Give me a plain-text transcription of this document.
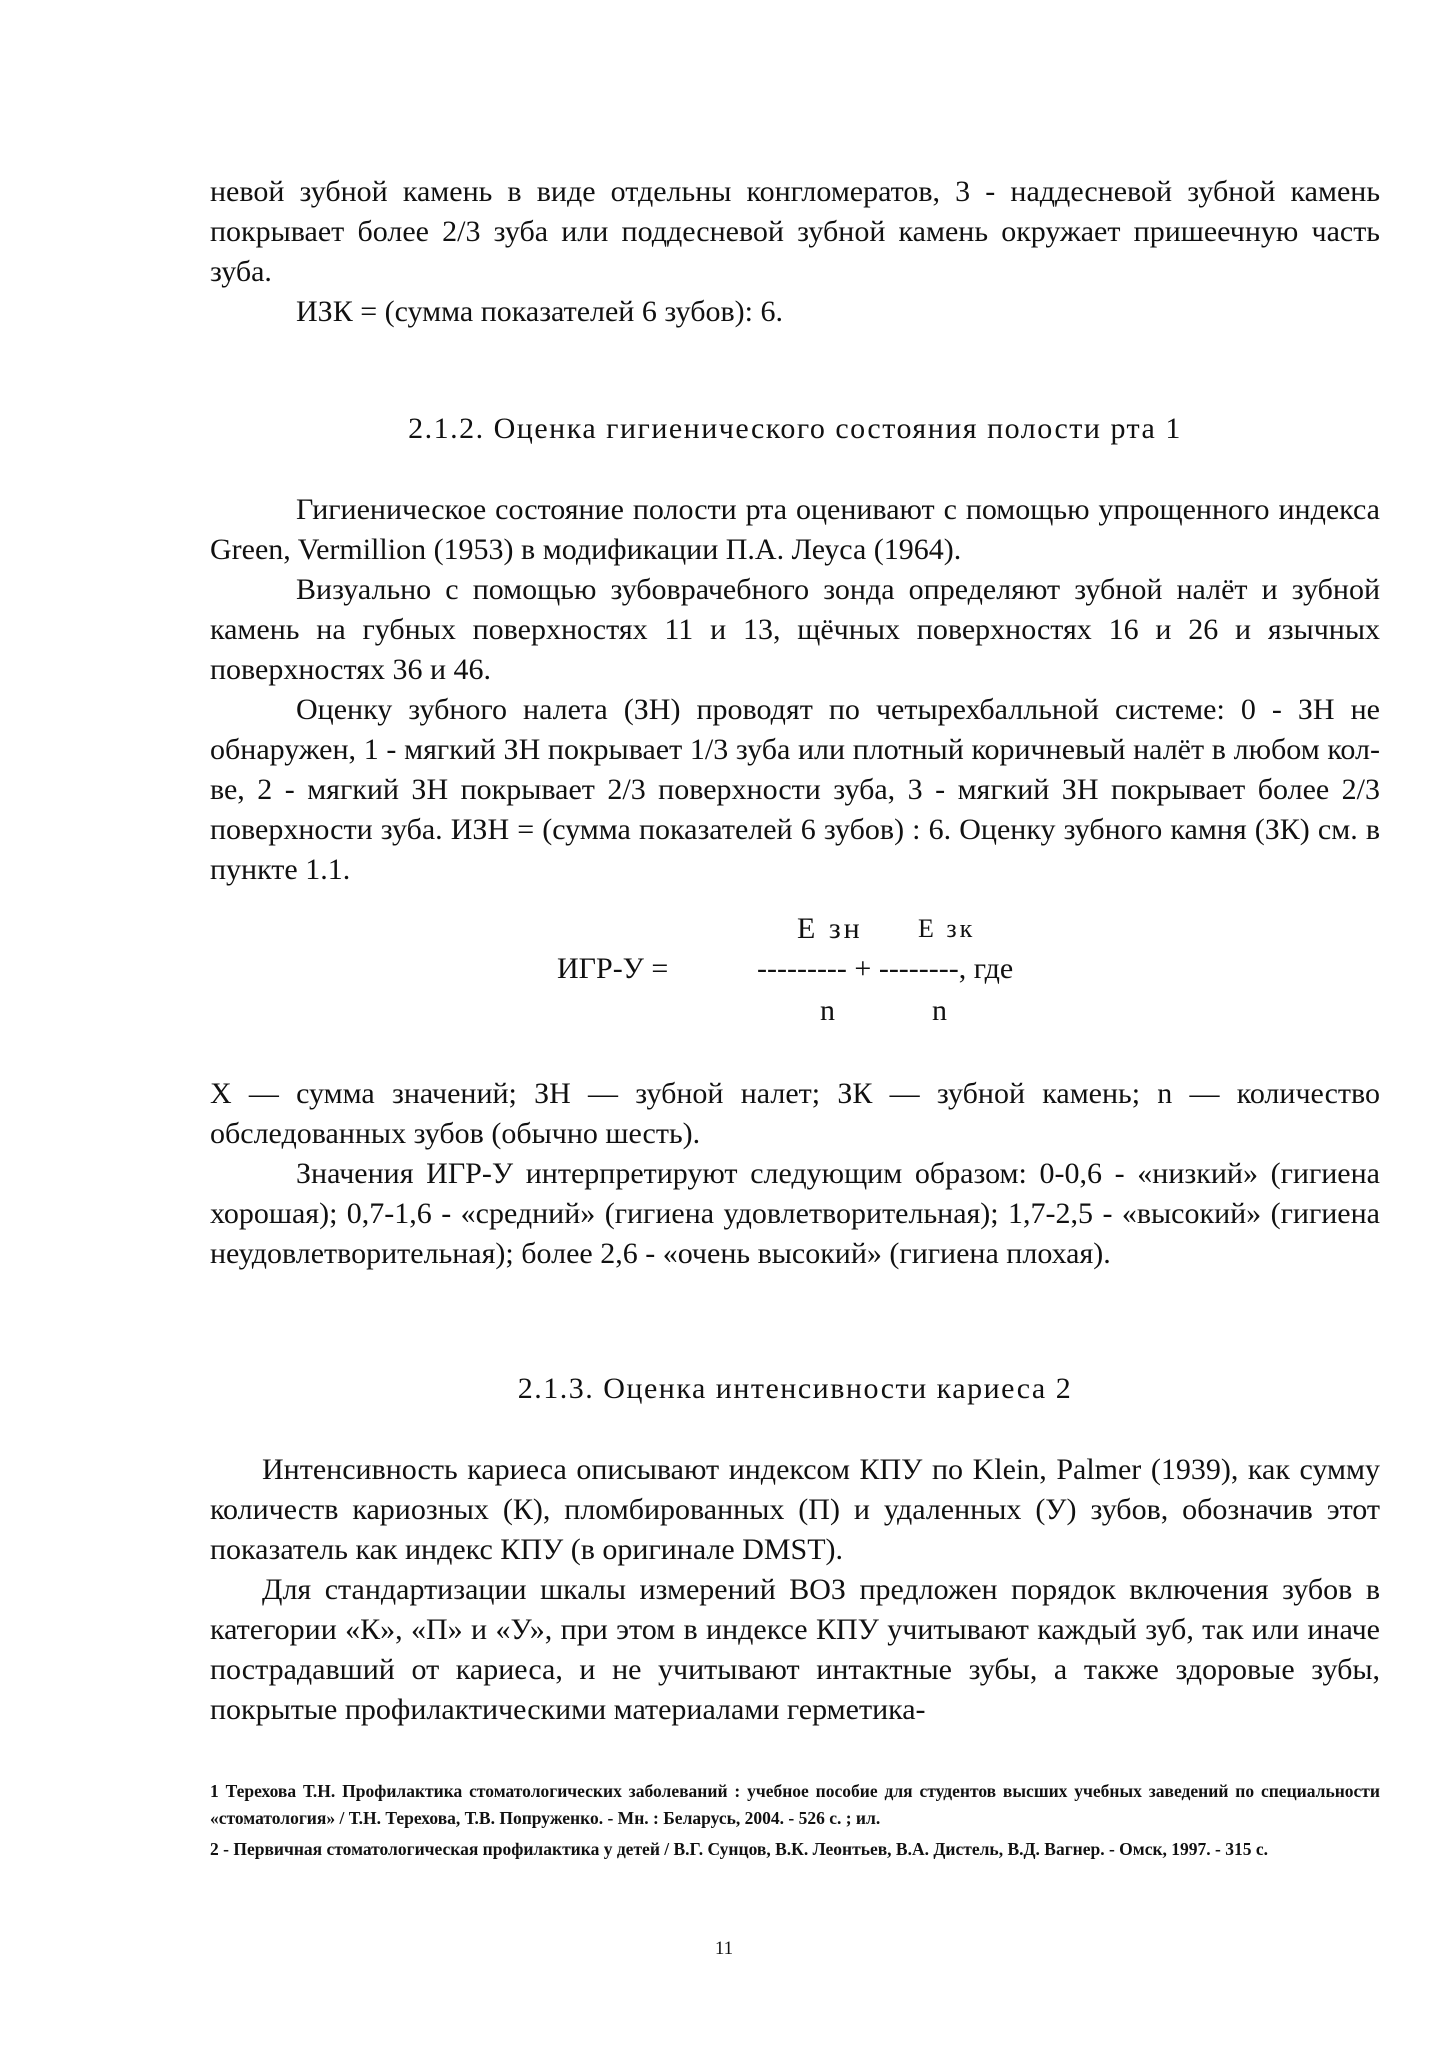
невой зубной камень в виде отдельны конгломератов, 3 - наддесневой зубной камень покрывает более 2/3 зуба или поддесневой зубной камень окружает пришеечную часть зуба.

ИЗК = (сумма показателей 6 зубов): 6.

2.1.2. Оценка гигиенического состояния полости рта 1

Гигиеническое состояние полости рта оценивают с помощью упрощенного индекса Green, Vermillion (1953) в модификации П.А. Леуса (1964).

Визуально с помощью зубоврачебного зонда определяют зубной налёт и зубной камень на губных поверхностях 11 и 13, щёчных поверхностях 16 и 26 и язычных поверхностях 36 и 46.

Оценку зубного налета (ЗН) проводят по четырехбалльной системе: 0 - ЗН не обнаружен, 1 - мягкий ЗН покрывает 1/3 зуба или плотный коричневый налёт в любом кол-ве, 2 - мягкий ЗН покрывает 2/3 поверхности зуба, 3 - мягкий ЗН покрывает более 2/3 поверхности зуба. ИЗН = (сумма показателей 6 зубов) : 6. Оценку зубного камня (ЗК) см. в пункте 1.1.

ИГР-У =
Е зн Е зк
--------- + --------, где
n	n

X — сумма значений; ЗН — зубной налет; ЗК — зубной камень; n — количество обследованных зубов (обычно шесть).

Значения ИГР-У интерпретируют следующим образом: 0-0,6 - «низкий» (гигиена хорошая); 0,7-1,6 - «средний» (гигиена удовлетворительная); 1,7-2,5 - «высокий» (гигиена неудовлетворительная); более 2,6 - «очень высокий» (гигиена плохая).

2.1.3. Оценка интенсивности кариеса 2

Интенсивность кариеса описывают индексом КПУ по Klein, Palmer (1939), как сумму количеств кариозных (К), пломбированных (П) и удаленных (У) зубов, обозначив этот показатель как индекс КПУ (в оригинале DMST).

Для стандартизации шкалы измерений ВОЗ предложен порядок включения зубов в категории «К», «П» и «У», при этом в индексе КПУ учитывают каждый зуб, так или иначе пострадавший от кариеса, и не учитывают интактные зубы, а также здоровые зубы, покрытые профилактическими материалами герметика-

1 Терехова Т.Н. Профилактика стоматологических заболеваний : учебное пособие для студентов высших учебных заведений по специальности «стоматология» / Т.Н. Терехова, Т.В. Попруженко. - Мн. : Беларусь, 2004. - 526 с. ; ил.

2 - Первичная стоматологическая профилактика у детей / В.Г. Сунцов, В.К. Леонтьев, В.А. Дистель, В.Д. Вагнер. - Омск, 1997. - 315 с.

11
